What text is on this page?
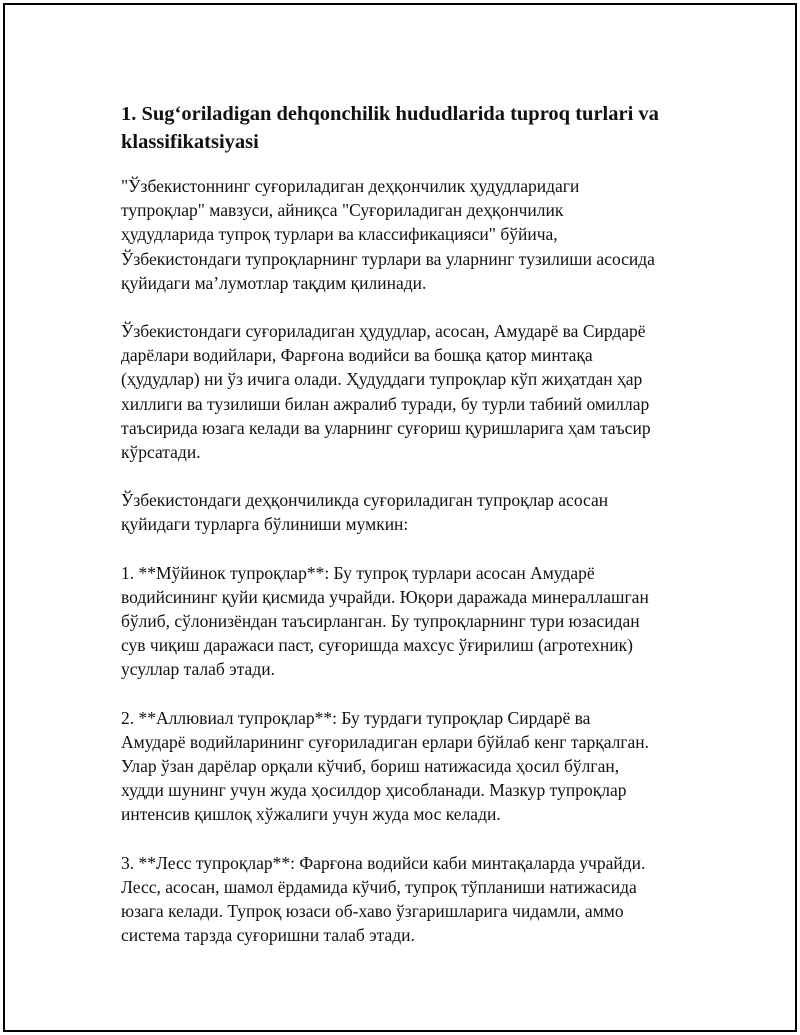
1. Sug‘oriladigan dehqonchilik hududlarida tuproq turlari va
klassifikatsiyasi

"Ўзбекистоннинг суғориладиган деҳқончилик ҳудудларидаги
тупроқлар" мавзуси, айниқса "Суғориладиган деҳқончилик
ҳудудларида тупроқ турлари ва классификацияси" бўйича,
Ўзбекистондаги тупроқларнинг турлари ва уларнинг тузилиши асосида
қуйидаги маʼлумотлар тақдим қилинади.

Ўзбекистондаги суғориладиган ҳудудлар, асосан, Амударё ва Сирдарё
дарёлари водийлари, Фарғона водийси ва бошқа қатор минтақа
(ҳудудлар) ни ўз ичига олади. Ҳудуддаги тупроқлар кўп жиҳатдан ҳар
хиллиги ва тузилиши билан ажралиб туради, бу турли табиий омиллар
таъсирида юзага келади ва уларнинг суғориш қуришларига ҳам таъсир
кўрсатади.

Ўзбекистондаги деҳқончиликда суғориладиган тупроқлар асосан
қуйидаги турларга бўлиниши мумкин:

1. **Мўйинок тупроқлар**: Бу тупроқ турлари асосан Амударё
водийсининг қуйи қисмида учрайди. Юқори даражада минераллашган
бўлиб, сўлонизёндан таъсирланган. Бу тупроқларнинг тури юзасидан
сув чиқиш даражаси паст, суғоришда махсус ўғирилиш (агротехник)
усуллар талаб этади.

2. **Аллювиал тупроқлар**: Бу турдаги тупроқлар Сирдарё ва
Амударё водийларининг суғориладиган ерлари бўйлаб кенг тарқалган.
Улар ўзан дарёлар орқали кўчиб, бориш натижасида ҳосил бўлган,
худди шунинг учун жуда ҳосилдор ҳисобланади. Мазкур тупроқлар
интенсив қишлоқ хўжалиги учун жуда мос келади.

3. **Лесс тупроқлар**: Фарғона водийси каби минтақаларда учрайди.
Лесс, асосан, шамол ёрдамида кўчиб, тупроқ тўпланиши натижасида
юзага келади. Тупроқ юзаси об-хаво ўзгаришларига чидамли, аммо
система тарзда суғоришни талаб этади.
